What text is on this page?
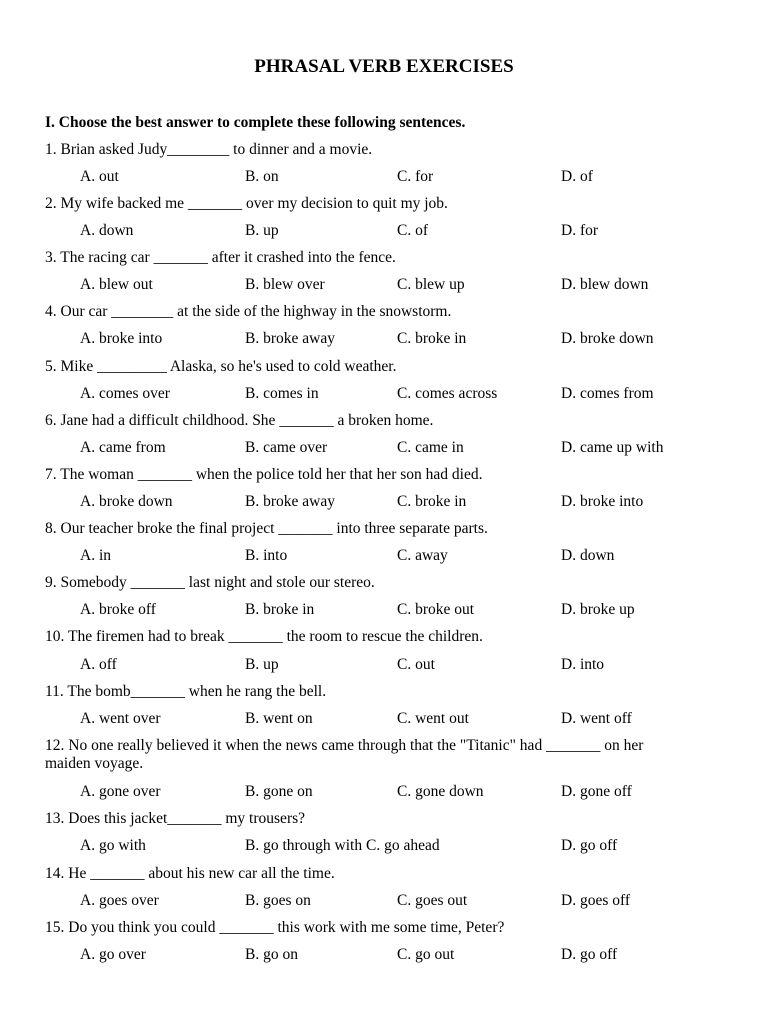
PHRASAL VERB EXERCISES
I. Choose the best answer to complete these following sentences.
1. Brian asked Judy________ to dinner and a movie.
A. out	B. on	C. for	D. of
2. My wife backed me _______ over my decision to quit my job.
A. down	B. up	C. of	D. for
3. The racing car _______ after it crashed into the fence.
A. blew out	B. blew over	C. blew up	D. blew down
4. Our car ________ at the side of the highway in the snowstorm.
A. broke into	B. broke away	C. broke in	D. broke down
5. Mike _________ Alaska, so he's used to cold weather.
A. comes over	B. comes in	C. comes across	D. comes from
6. Jane had a difficult childhood. She _______ a broken home.
A. came from	B. came over	C. came in	D. came up with
7. The woman _______ when the police told her that her son had died.
A. broke down	B. broke away	C. broke in	D. broke into
8. Our teacher broke the final project _______ into three separate parts.
A. in	B. into	C. away	D. down
9. Somebody _______ last night and stole our stereo.
A. broke off	B. broke in	C. broke out	D. broke up
10. The firemen had to break _______ the room to rescue the children.
A. off	B. up	C. out	D. into
11. The bomb_______ when he rang the bell.
A. went over	B. went on	C. went out	D. went off
12. No one really believed it when the news came through that the "Titanic" had _______ on her maiden voyage.
A. gone over	B. gone on	C. gone down	D. gone off
13. Does this jacket_______ my trousers?
A. go with	B. go through with C. go ahead	D. go off
14. He _______ about his new car all the time.
A. goes over	B. goes on	C. goes out	D. goes off
15. Do you think you could _______ this work with me some time, Peter?
A. go over	B. go on	C. go out	D. go off
